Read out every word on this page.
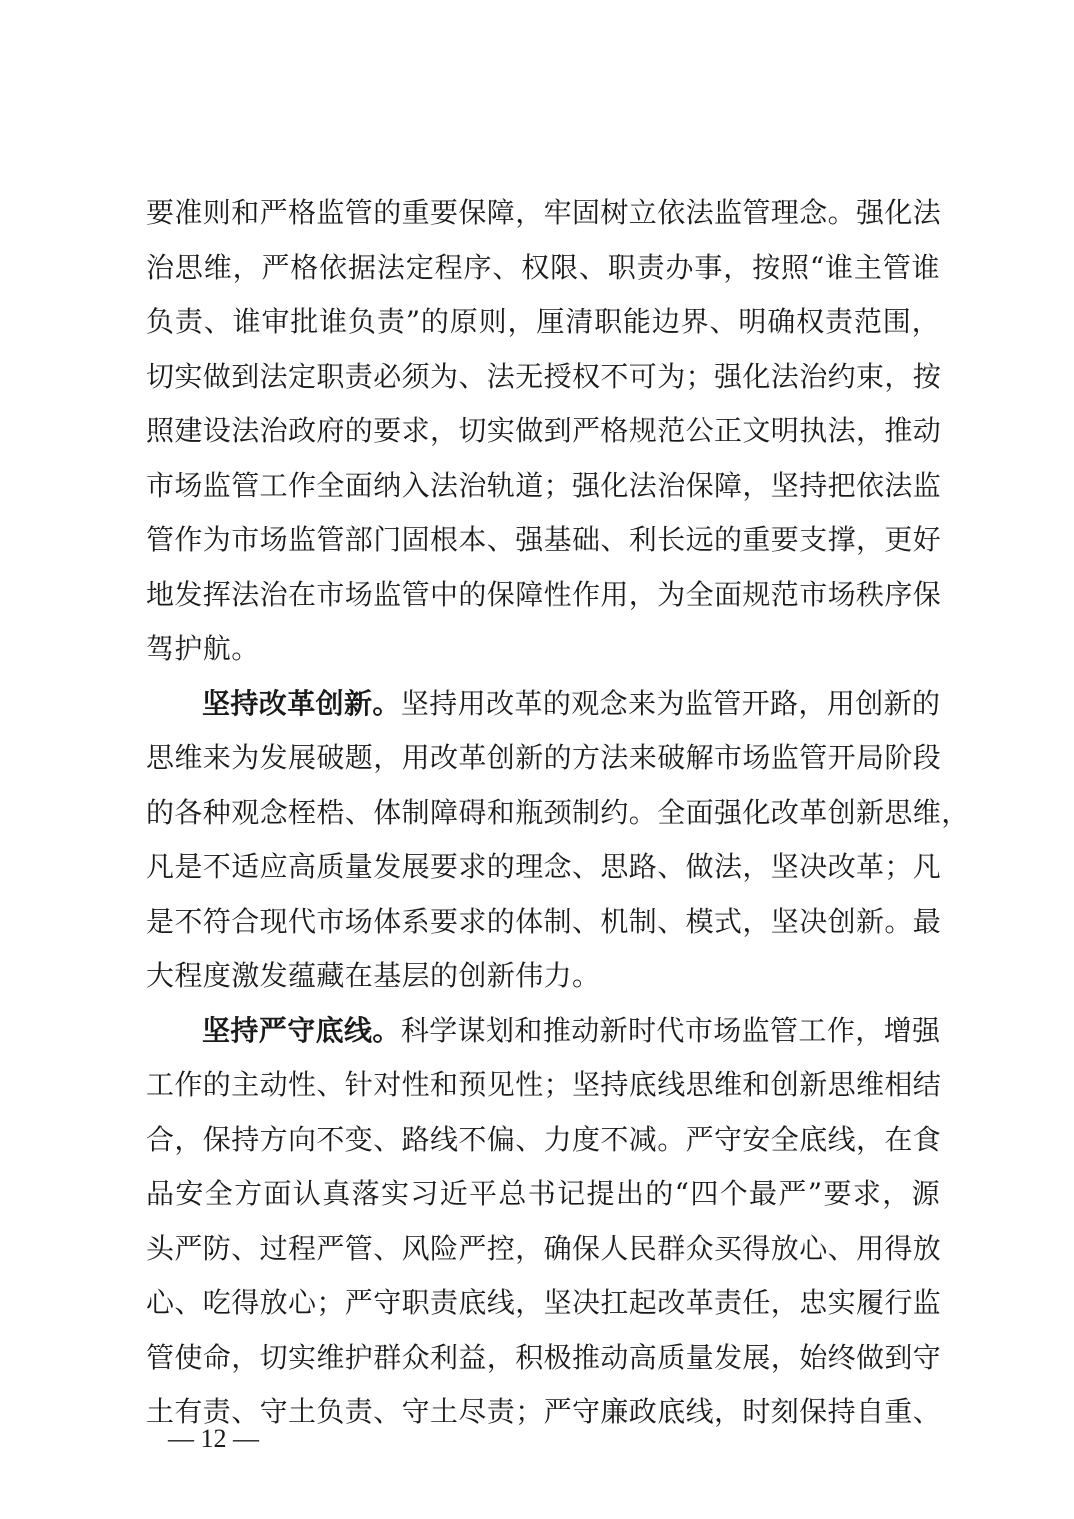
要准则和严格监管的重要保障，牢固树立依法监管理念。强化法
治思维，严格依据法定程序、权限、职责办事，按照“谁主管谁
负责、谁审批谁负责”的原则，厘清职能边界、明确权责范围，
切实做到法定职责必须为、法无授权不可为；强化法治约束，按
照建设法治政府的要求，切实做到严格规范公正文明执法，推动
市场监管工作全面纳入法治轨道；强化法治保障，坚持把依法监
管作为市场监管部门固根本、强基础、利长远的重要支撑，更好
地发挥法治在市场监管中的保障性作用，为全面规范市场秩序保
驾护航。
坚持改革创新。坚持用改革的观念来为监管开路，用创新的
思维来为发展破题，用改革创新的方法来破解市场监管开局阶段
的各种观念桎梏、体制障碍和瓶颈制约。全面强化改革创新思维，
凡是不适应高质量发展要求的理念、思路、做法，坚决改革；凡
是不符合现代市场体系要求的体制、机制、模式，坚决创新。最
大程度激发蕴藏在基层的创新伟力。
坚持严守底线。科学谋划和推动新时代市场监管工作，增强
工作的主动性、针对性和预见性；坚持底线思维和创新思维相结
合，保持方向不变、路线不偏、力度不减。严守安全底线，在食
品安全方面认真落实习近平总书记提出的“四个最严”要求，源
头严防、过程严管、风险严控，确保人民群众买得放心、用得放
心、吃得放心；严守职责底线，坚决扛起改革责任，忠实履行监
管使命，切实维护群众利益，积极推动高质量发展，始终做到守
土有责、守土负责、守土尽责；严守廉政底线，时刻保持自重、
— 12 —
